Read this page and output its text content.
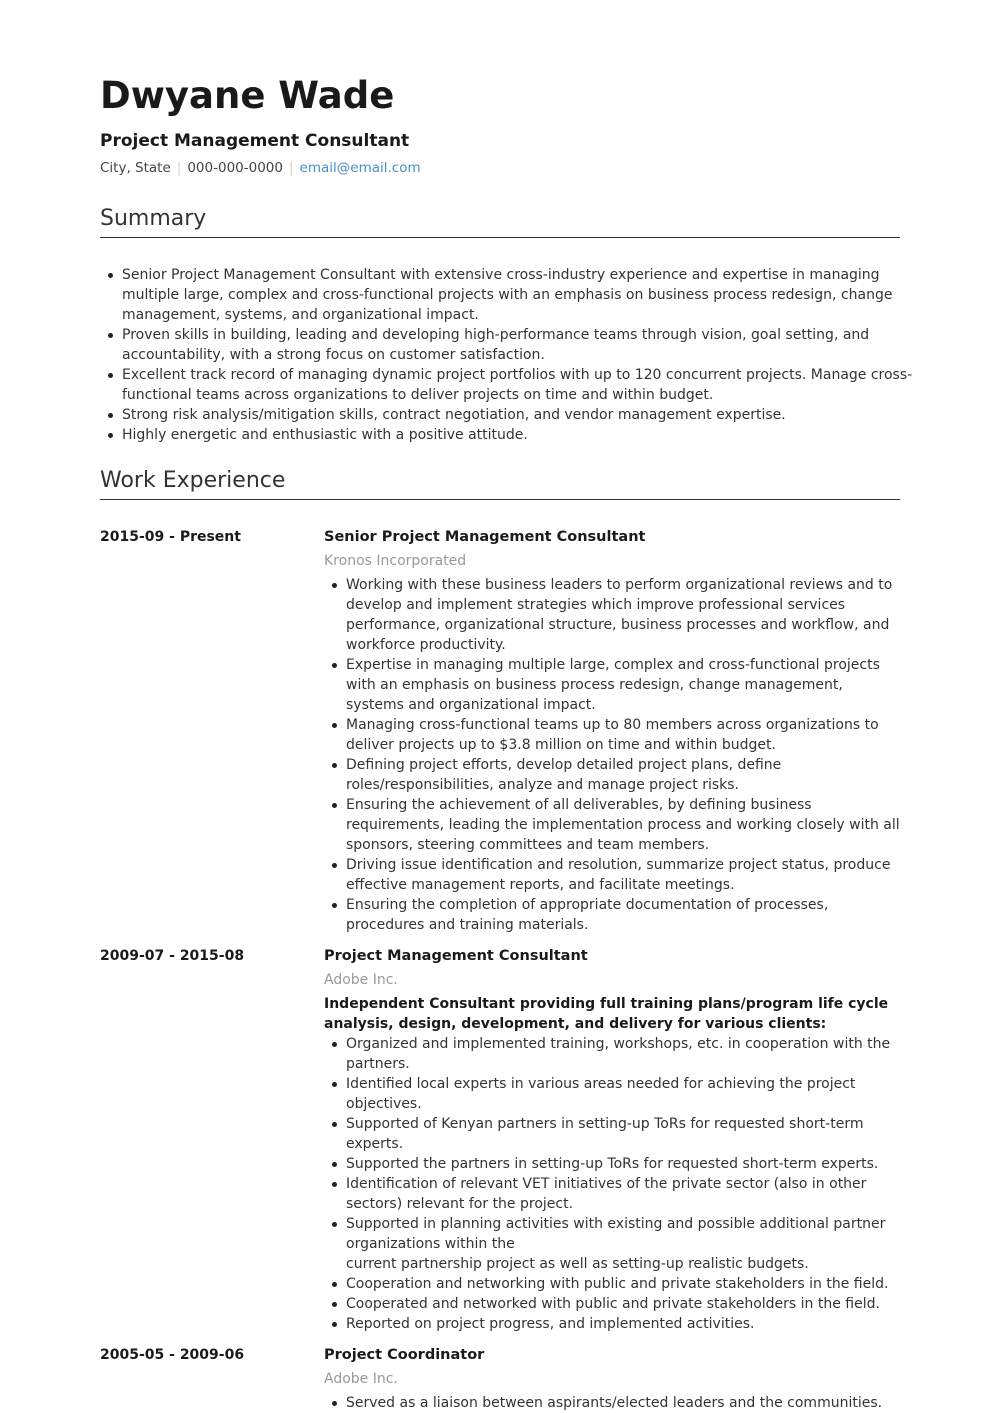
Dwyane Wade
Project Management Consultant
City, State | 000-000-0000 | email@email.com
Summary
Senior Project Management Consultant with extensive cross-industry experience and expertise in managing multiple large, complex and cross-functional projects with an emphasis on business process redesign, change management, systems, and organizational impact.
Proven skills in building, leading and developing high-performance teams through vision, goal setting, and accountability, with a strong focus on customer satisfaction.
Excellent track record of managing dynamic project portfolios with up to 120 concurrent projects. Manage cross-functional teams across organizations to deliver projects on time and within budget.
Strong risk analysis/mitigation skills, contract negotiation, and vendor management expertise.
Highly energetic and enthusiastic with a positive attitude.
Work Experience
2015-09 - Present	Senior Project Management Consultant
Kronos Incorporated
Working with these business leaders to perform organizational reviews and to develop and implement strategies which improve professional services performance, organizational structure, business processes and workflow, and workforce productivity.
Expertise in managing multiple large, complex and cross-functional projects with an emphasis on business process redesign, change management, systems and organizational impact.
Managing cross-functional teams up to 80 members across organizations to deliver projects up to $3.8 million on time and within budget.
Defining project efforts, develop detailed project plans, define roles/responsibilities, analyze and manage project risks.
Ensuring the achievement of all deliverables, by defining business requirements, leading the implementation process and working closely with all sponsors, steering committees and team members.
Driving issue identification and resolution, summarize project status, produce effective management reports, and facilitate meetings.
Ensuring the completion of appropriate documentation of processes, procedures and training materials.
2009-07 - 2015-08	Project Management Consultant
Adobe Inc.
Independent Consultant providing full training plans/program life cycle analysis, design, development, and delivery for various clients:
Organized and implemented training, workshops, etc. in cooperation with the partners.
Identified local experts in various areas needed for achieving the project objectives.
Supported of Kenyan partners in setting-up ToRs for requested short-term experts.
Supported the partners in setting-up ToRs for requested short-term experts.
Identification of relevant VET initiatives of the private sector (also in other sectors) relevant for the project.
Supported in planning activities with existing and possible additional partner organizations within the
current partnership project as well as setting-up realistic budgets.
Cooperation and networking with public and private stakeholders in the field.
Cooperated and networked with public and private stakeholders in the field.
Reported on project progress, and implemented activities.
2005-05 - 2009-06	Project Coordinator
Adobe Inc.
Served as a liaison between aspirants/elected leaders and the communities.
